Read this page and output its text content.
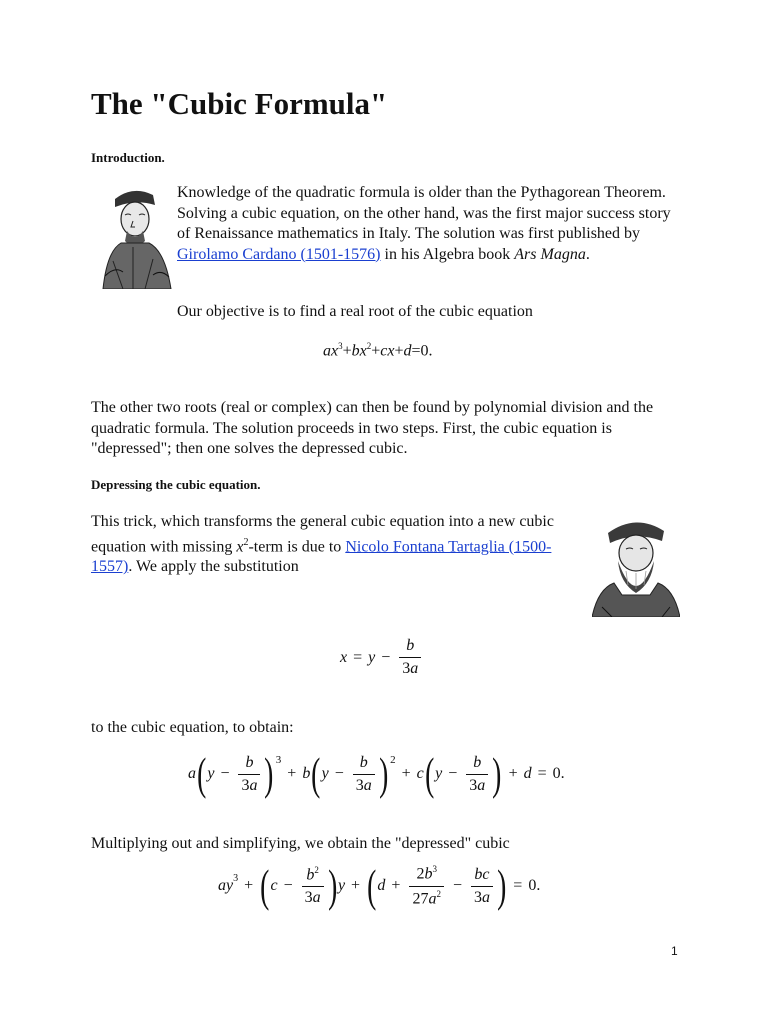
The "Cubic Formula"
Introduction.
Knowledge of the quadratic formula is older than the Pythagorean Theorem. Solving a cubic equation, on the other hand, was the first major success story of Renaissance mathematics in Italy. The solution was first published by Girolamo Cardano (1501-1576) in his Algebra book Ars Magna.
Our objective is to find a real root of the cubic equation
$ax^3+bx^2+cx+d=0$.
The other two roots (real or complex) can then be found by polynomial division and the quadratic formula. The solution proceeds in two steps. First, the cubic equation is "depressed"; then one solves the depressed cubic.
Depressing the cubic equation.
This trick, which transforms the general cubic equation into a new cubic equation with missing $x^2$-term is due to Nicolo Fontana Tartaglia (1500-1557). We apply the substitution
$x = y - \frac{b}{3a}$
to the cubic equation, to obtain:
a ( $y - \frac{b}{3a}$ ) 3
+ b ( $y - \frac{b}{3a}$ ) 2
+ c ( $y - \frac{b}{3a}$ ) + d = 0.
Multiplying out and simplifying, we obtain the "depressed" cubic
ay 3 + ( $c - \frac{b^2}{3a}$ ) y + ( $d + \frac{2b^3}{27a^2} - \frac{bc}{3a}$ ) = 0.
1
